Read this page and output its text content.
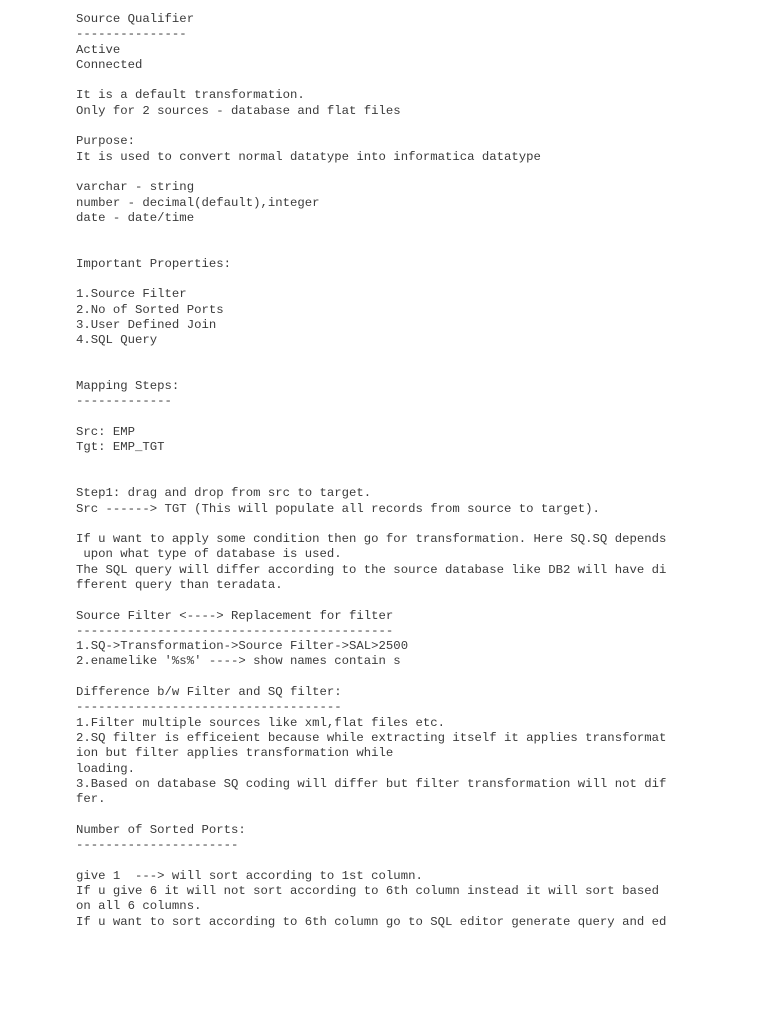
Source Qualifier
---------------
Active
Connected
It is a default transformation.
Only for 2 sources - database and flat files
Purpose:
It is used to convert normal datatype into informatica datatype
varchar - string
number - decimal(default),integer
date - date/time
Important Properties:
1.Source Filter
2.No of Sorted Ports
3.User Defined Join
4.SQL Query
Mapping Steps:
-------------
Src: EMP
Tgt: EMP_TGT
Step1: drag and drop from src to target.
Src ------> TGT (This will populate all records from source to target).
If u want to apply some condition then go for transformation. Here SQ.SQ depends
upon what type of database is used.
The SQL query will differ according to the source database like DB2 will have di
fferent query than teradata.
Source Filter <----> Replacement for filter
-------------------------------------------
1.SQ->Transformation->Source Filter->SAL>2500
2.enamelike '%s%' ----> show names contain s
Difference b/w Filter and SQ filter:
------------------------------------
1.Filter multiple sources like xml,flat files etc.
2.SQ filter is efficeient because while extracting itself it applies transformat
ion but filter applies transformation while
loading.
3.Based on database SQ coding will differ but filter transformation will not dif
fer.
Number of Sorted Ports:
----------------------
give 1  ---> will sort according to 1st column.
If u give 6 it will not sort according to 6th column instead it will sort based
on all 6 columns.
If u want to sort according to 6th column go to SQL editor generate query and ed
